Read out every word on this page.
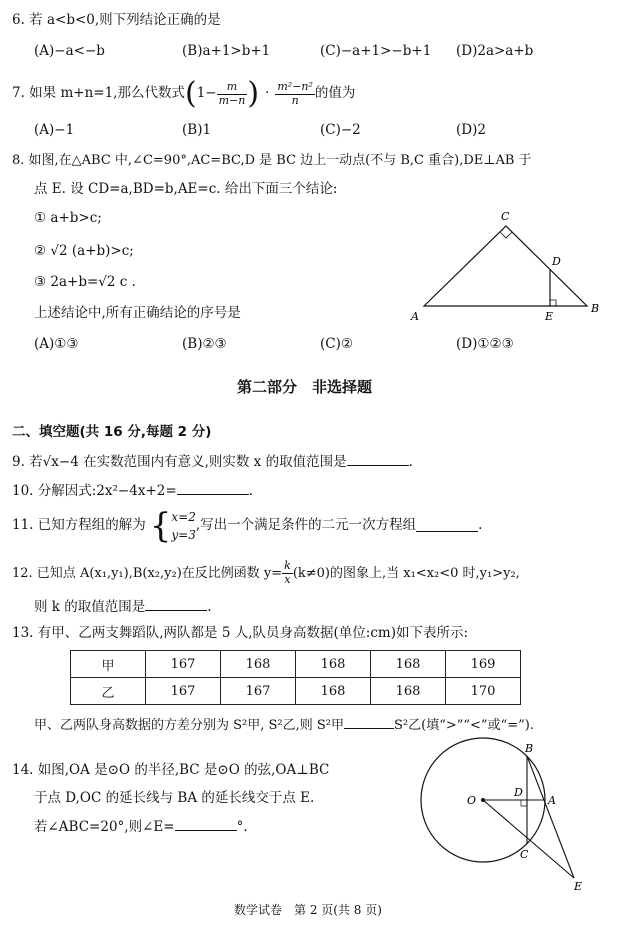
6. 若 a<b<0,则下列结论正确的是
(A)−a<−b	(B)a+1>b+1	(C)−a+1>−b+1 (D)2a>a+b
7. 如果 m+n=1,那么代数式 ( $1- \frac{m}{m-n}$ ) · $\frac{\text{m²−n²}}{n}$ 的值为
(A)−1	(B)1	(C)−2	(D)2
8. 如图,在△ABC 中,∠C=90°,AC=BC,D 是 BC 边上一动点(不与 B,C 重合),DE⊥AB 于
点 E. 设 CD=a,BD=b,AE=c. 给出下面三个结论:
① a+b>c;
② √2 (a+b)>c;
③ 2a+b=√2 c .
上述结论中,所有正确结论的序号是
(A)①③	(B)②③	(C)②	(D)①②③
C
D
A	E
B
第二部分　非选择题
二、填空题(共 16 分,每题 2 分)
9. 若√x−4 在实数范围内有意义,则实数 x 的取值范围是	.
10. 分解因式:2x²−4x+2=	.
11. 已知方程组的解为 { x=2
y=3
,写出一个满足条件的二元一次方程组	.
12. 已知点 A(x₁,y₁),B(x₂,y₂)在反比例函数 $y= \frac{k}{x} (k\ne 0)$的图象上,当 x₁<x₂<0 时,y₁>y₂,
则 k 的取值范围是	.
13. 有甲、乙两支舞蹈队,两队都是 5 人,队员身高数据(单位:cm)如下表所示:
甲	167	168	168	168	169
乙	167	167	168	168	170
甲、乙两队身高数据的方差分别为 S²甲, S²乙,则 S²甲	S²乙(填“>”“<”或“=”).
14. 如图,OA 是⊙O 的半径,BC 是⊙O 的弦,OA⊥BC
于点 D,OC 的延长线与 BA 的延长线交于点 E.
若∠ABC=20°,则∠E=	°.
B
O
D
A
C
E
数学试卷　第 2 页(共 8 页)
